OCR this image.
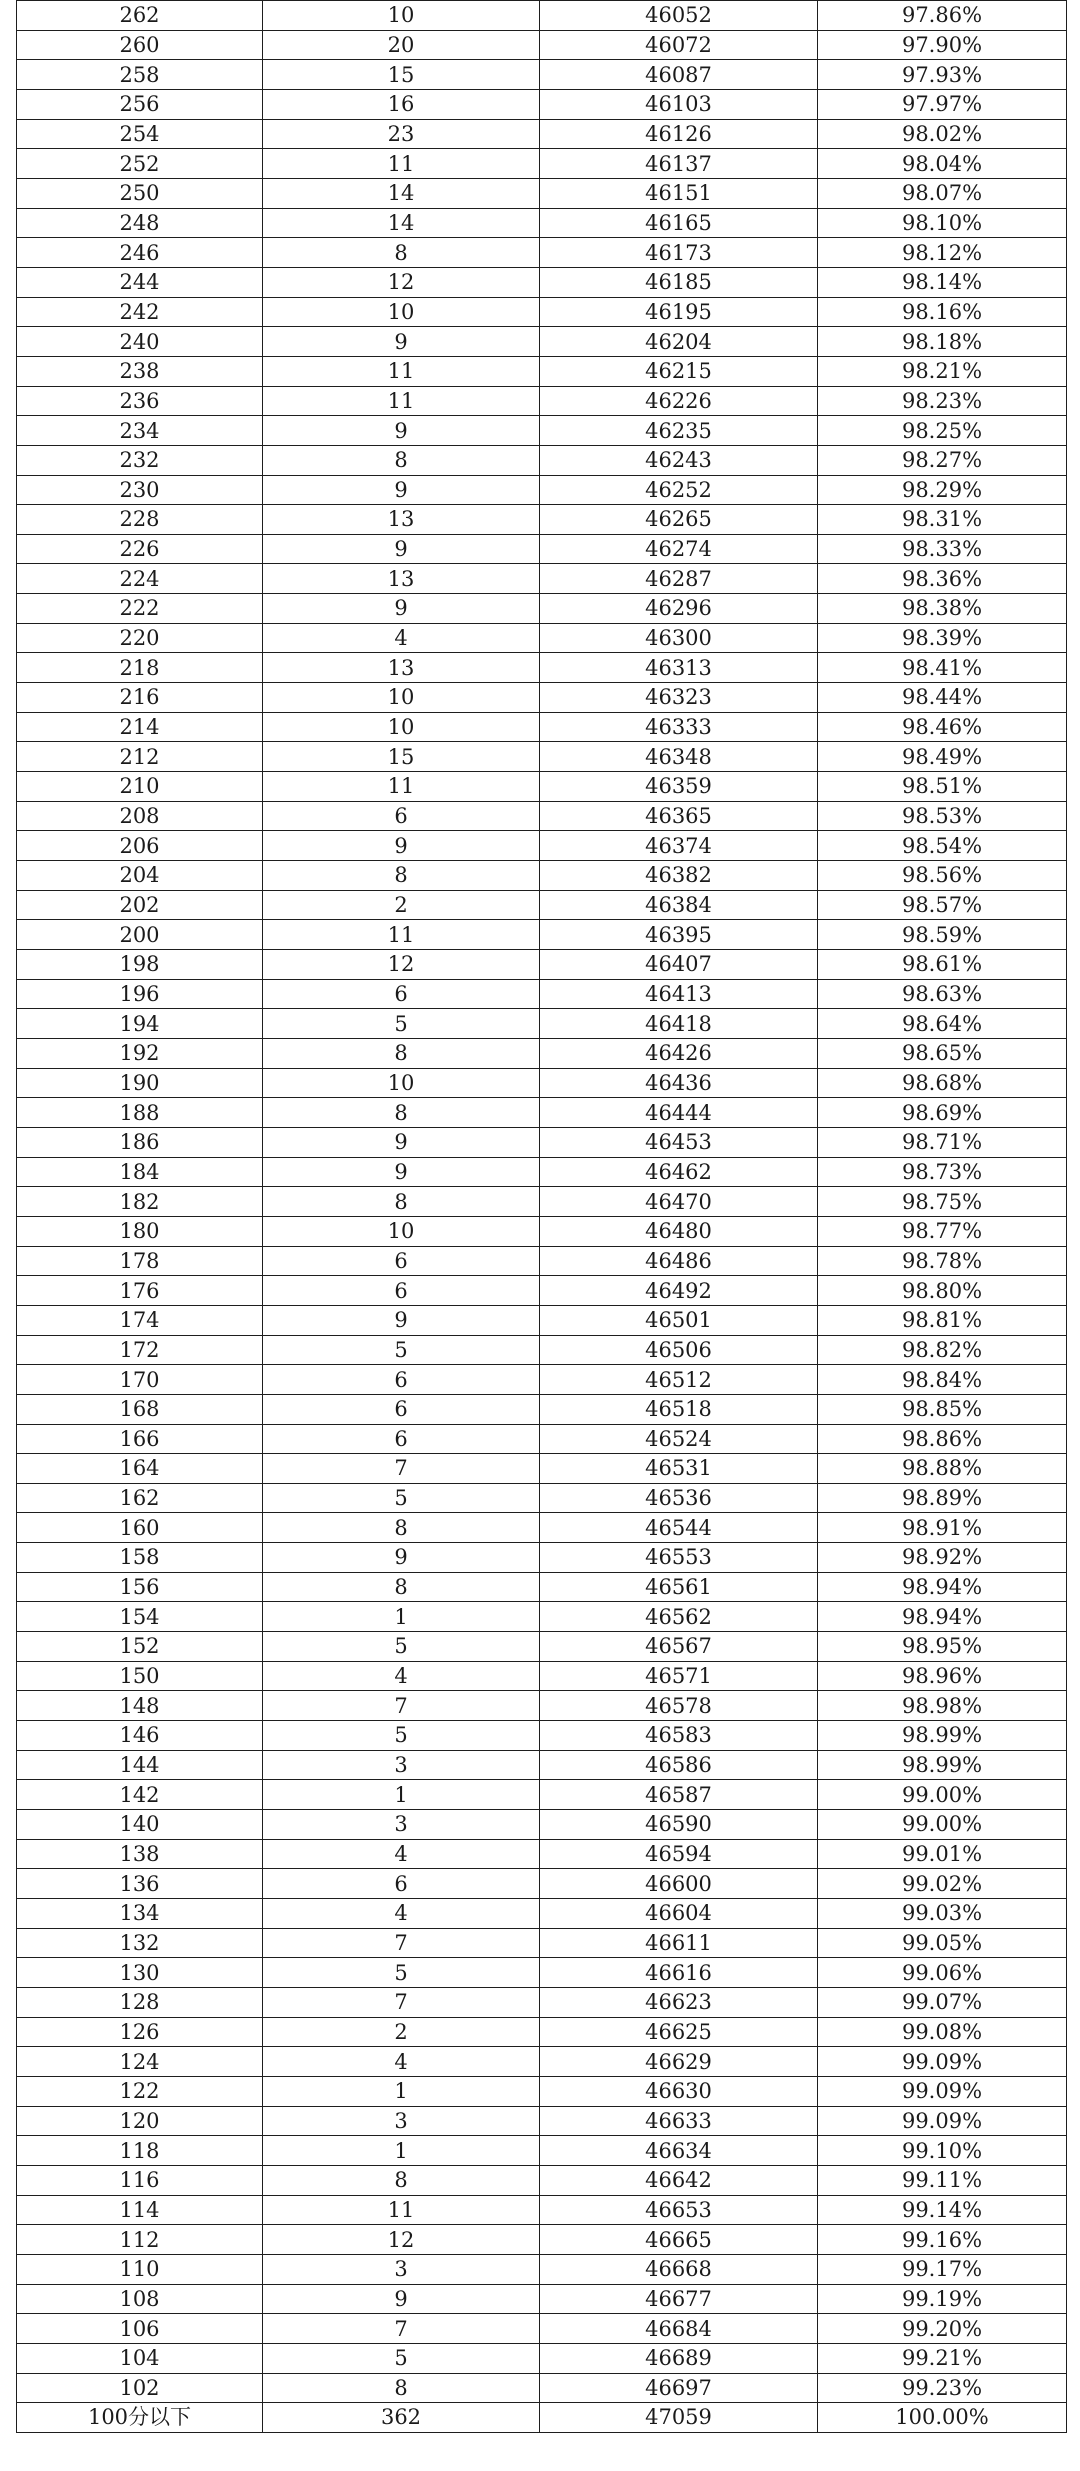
262	10	46052	97.86%
260	20	46072	97.90%
258	15	46087	97.93%
256	16	46103	97.97%
254	23	46126	98.02%
252	11	46137	98.04%
250	14	46151	98.07%
248	14	46165	98.10%
246	8	46173	98.12%
244	12	46185	98.14%
242	10	46195	98.16%
240	9	46204	98.18%
238	11	46215	98.21%
236	11	46226	98.23%
234	9	46235	98.25%
232	8	46243	98.27%
230	9	46252	98.29%
228	13	46265	98.31%
226	9	46274	98.33%
224	13	46287	98.36%
222	9	46296	98.38%
220	4	46300	98.39%
218	13	46313	98.41%
216	10	46323	98.44%
214	10	46333	98.46%
212	15	46348	98.49%
210	11	46359	98.51%
208	6	46365	98.53%
206	9	46374	98.54%
204	8	46382	98.56%
202	2	46384	98.57%
200	11	46395	98.59%
198	12	46407	98.61%
196	6	46413	98.63%
194	5	46418	98.64%
192	8	46426	98.65%
190	10	46436	98.68%
188	8	46444	98.69%
186	9	46453	98.71%
184	9	46462	98.73%
182	8	46470	98.75%
180	10	46480	98.77%
178	6	46486	98.78%
176	6	46492	98.80%
174	9	46501	98.81%
172	5	46506	98.82%
170	6	46512	98.84%
168	6	46518	98.85%
166	6	46524	98.86%
164	7	46531	98.88%
162	5	46536	98.89%
160	8	46544	98.91%
158	9	46553	98.92%
156	8	46561	98.94%
154	1	46562	98.94%
152	5	46567	98.95%
150	4	46571	98.96%
148	7	46578	98.98%
146	5	46583	98.99%
144	3	46586	98.99%
142	1	46587	99.00%
140	3	46590	99.00%
138	4	46594	99.01%
136	6	46600	99.02%
134	4	46604	99.03%
132	7	46611	99.05%
130	5	46616	99.06%
128	7	46623	99.07%
126	2	46625	99.08%
124	4	46629	99.09%
122	1	46630	99.09%
120	3	46633	99.09%
118	1	46634	99.10%
116	8	46642	99.11%
114	11	46653	99.14%
112	12	46665	99.16%
110	3	46668	99.17%
108	9	46677	99.19%
106	7	46684	99.20%
104	5	46689	99.21%
102	8	46697	99.23%
100分以下	362	47059	100.00%
